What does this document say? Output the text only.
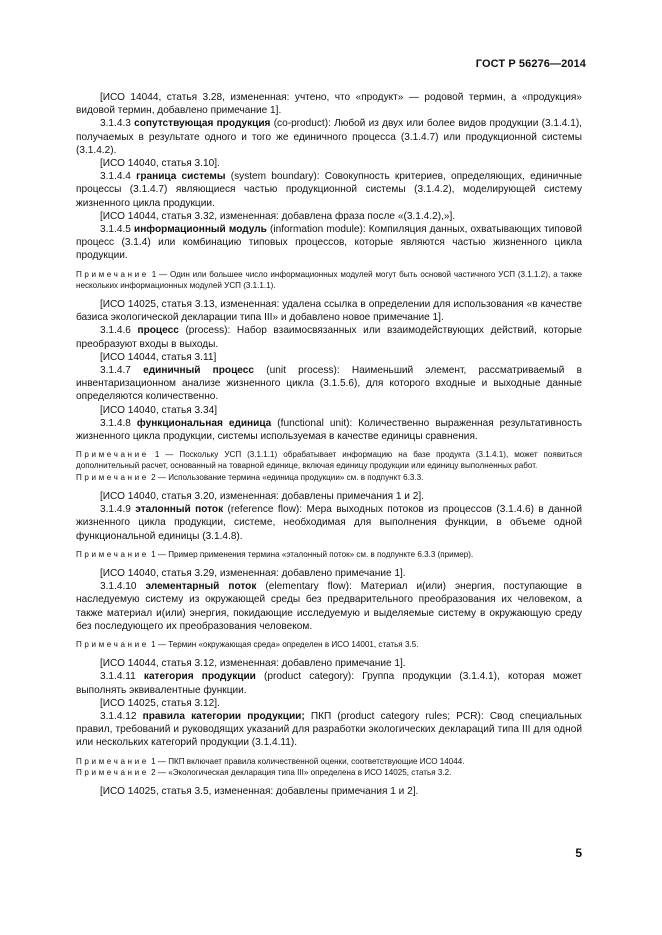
ГОСТ Р 56276—2014

[ИСО 14044, статья 3.28, измененная: учтено, что «продукт» — родовой термин, а «продукция» видовой термин, добавлено примечание 1].

3.1.4.3 сопутствующая продукция (co-product): Любой из двух или более видов продукции (3.1.4.1), получаемых в результате одного и того же единичного процесса (3.1.4.7) или продукционной системы (3.1.4.2).

[ИСО 14040, статья 3.10].

3.1.4.4 граница системы (system boundary): Совокупность критериев, определяющих, единичные процессы (3.1.4.7) являющиеся частью продукционной системы (3.1.4.2), моделирующей систему жизненного цикла продукции.

[ИСО 14044, статья 3.32, измененная: добавлена фраза после «(3.1.4.2),»].

3.1.4.5 информационный модуль (information module): Компиляция данных, охватывающих типовой процесс (3.1.4) или комбинацию типовых процессов, которые являются частью жизненного цикла продукции.

Примечание 1 — Один или большее число информационных модулей могут быть основой частичного УСП (3.1.1.2), а также нескольких информационных модулей УСП (3.1.1.1).

[ИСО 14025, статья 3.13, измененная: удалена ссылка в определении для использования «в качестве базиса экологической декларации типа III» и добавлено новое примечание 1].

3.1.4.6 процесс (process): Набор взаимосвязанных или взаимодействующих действий, которые преобразуют входы в выходы.

[ИСО 14044, статья 3.11]

3.1.4.7 единичный процесс (unit process): Наименьший элемент, рассматриваемый в инвентаризационном анализе жизненного цикла (3.1.5.6), для которого входные и выходные данные определяются количественно.

[ИСО 14040, статья 3.34]

3.1.4.8 функциональная единица (functional unit): Количественно выраженная результативность жизненного цикла продукции, системы используемая в качестве единицы сравнения.

Примечание 1 — Поскольку УСП (3.1.1.1) обрабатывает информацию на базе продукта (3.1.4.1), может появиться дополнительный расчет, основанный на товарной единице, включая единицу продукции или единицу выполненных работ.

Примечание 2 — Использование термина «единица продукции» см. в подпункт 6.3.3.

[ИСО 14040, статья 3.20, измененная: добавлены примечания 1 и 2].

3.1.4.9 эталонный поток (reference flow): Мера выходных потоков из процессов (3.1.4.6) в данной жизненного цикла продукции, системе, необходимая для выполнения функции, в объеме одной функциональной единицы (3.1.4.8).

Примечание 1 — Пример применения термина «эталонный поток» см. в подпункте 6.3.3 (пример).

[ИСО 14040, статья 3.29, измененная: добавлено примечание 1].

3.1.4.10 элементарный поток (elementary flow): Материал и(или) энергия, поступающие в наследуемую систему из окружающей среды без предварительного преобразования их человеком, а также материал и(или) энергия, покидающие исследуемую и выделяемые систему в окружающую среду без последующего их преобразования человеком.

Примечание 1 — Термин «окружающая среда» определен в ИСО 14001, статья 3.5.

[ИСО 14044, статья 3.12, измененная: добавлено примечание 1].

3.1.4.11 категория продукции (product category): Группа продукции (3.1.4.1), которая может выполнять эквивалентные функции.

[ИСО 14025, статья 3.12].

3.1.4.12 правила категории продукции; ПКП (product category rules; PCR): Свод специальных правил, требований и руководящих указаний для разработки экологических деклараций типа III для одной или нескольких категорий продукции (3.1.4.11).

Примечание 1 — ПКП включает правила количественной оценки, соответствующие ИСО 14044.

Примечание 2 — «Экологическая декларация типа III» определена в ИСО 14025, статья 3.2.

[ИСО 14025, статья 3.5, измененная: добавлены примечания 1 и 2].

5
